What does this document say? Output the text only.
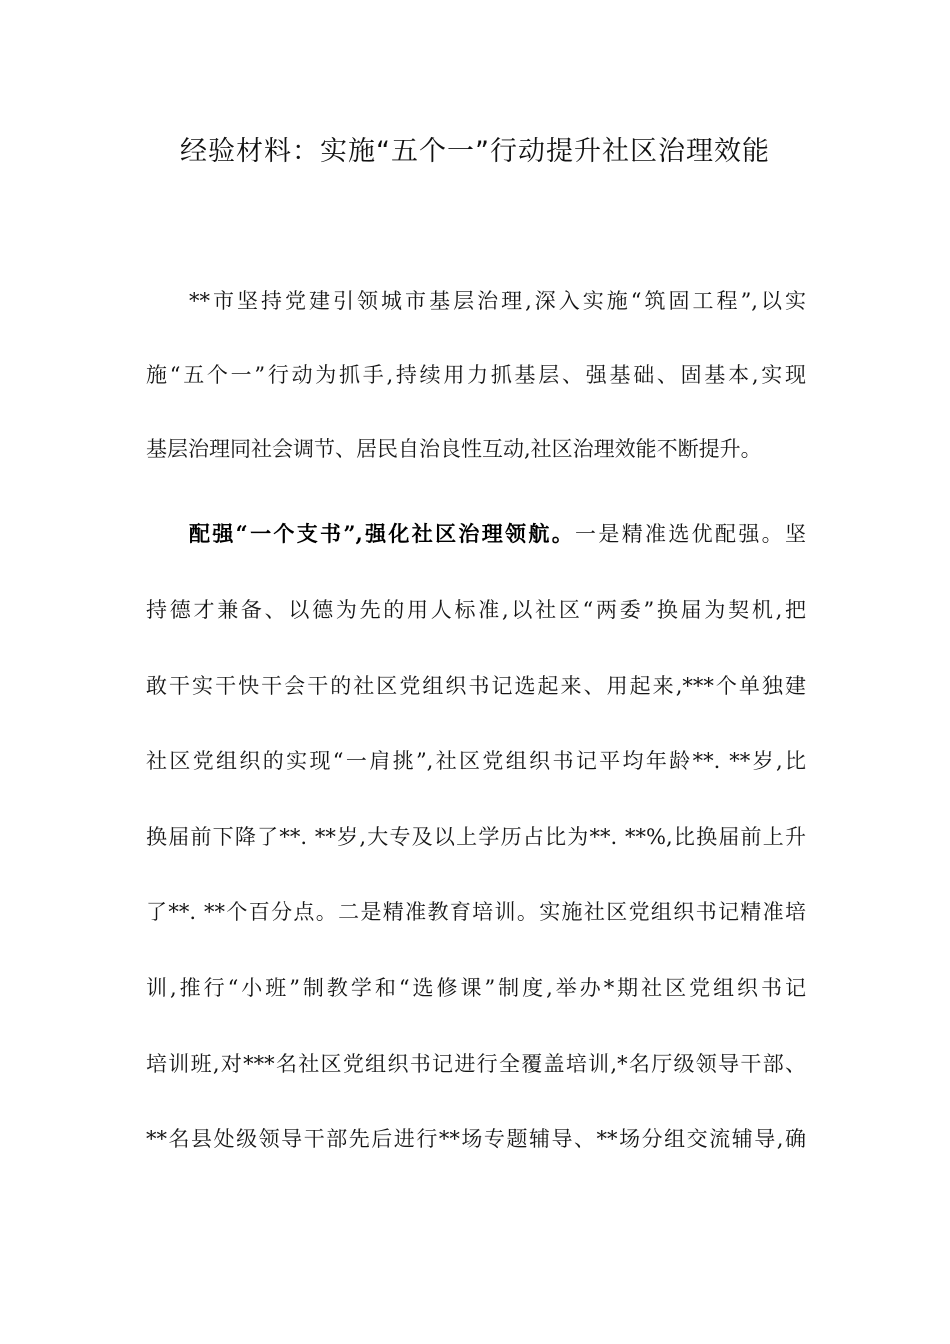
经验材料：实施“五个一”行动提升社区治理效能
**市坚持党建引领城市基层治理,深入实施“筑固工程”,以实
施“五个一”行动为抓手,持续用力抓基层、强基础、固基本,实现
基层治理同社会调节、居民自治良性互动,社区治理效能不断提升。
配强“一个支书”,强化社区治理领航。一是精准选优配强。坚
持德才兼备、以德为先的用人标准,以社区“两委”换届为契机,把
敢干实干快干会干的社区党组织书记选起来、用起来,***个单独建
社区党组织的实现“一肩挑”,社区党组织书记平均年龄**. **岁,比
换届前下降了**. **岁,大专及以上学历占比为**. **%,比换届前上升
了**. **个百分点。二是精准教育培训。实施社区党组织书记精准培
训,推行“小班”制教学和“选修课”制度,举办*期社区党组织书记
培训班,对***名社区党组织书记进行全覆盖培训,*名厅级领导干部、
**名县处级领导干部先后进行**场专题辅导、**场分组交流辅导,确
